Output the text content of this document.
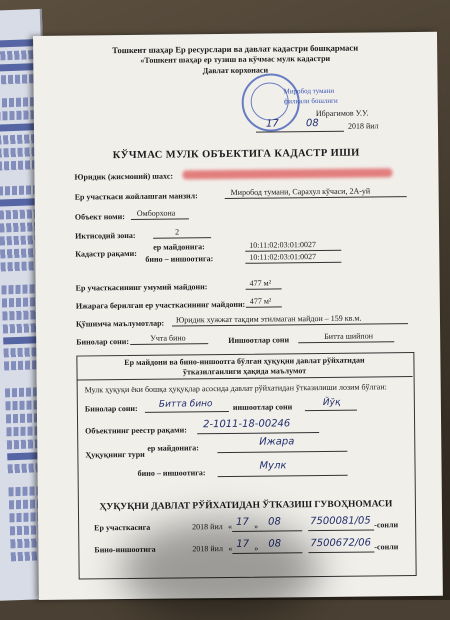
Тошкент шаҳар Ер ресурслари ва давлат кадастри бошқармаси
«Тошкент шаҳар ер тузиш ва кўчмас мулк кадастри
Давлат корхонаси
Миробод тумани
филиали бошлиги
Ибрагимов У.У.
17	08	2018 йил
КЎЧМАС МУЛК ОБЪЕКТИГА КАДАСТР ИШИ
Юридик (жисмоний) шахс:
Ер участкаси жойлашган манзил:	Миробод тумани, Сарахул кўчаси, 2А-уй
Объект номи: Омборхона
Иктисодий зона:	2
Кадастр рақами:
ер майдонига:	10:11:02:03:01:0027
бино – иншоотига:	10:11:02:03:01:0027
Ер участкасининг умумий майдони:	477 м²
Ижарага берилган ер участкасининг майдони: 477 м²
Қўшимча маълумотлар: Юридик хужжат тақдим этилмаган майдон – 159 кв.м.
Бинолар сони:	Учта бино	Иншоотлар сони	Битта шийпон
Ер майдони ва бино-иншоотга бўлган ҳуқуқни давлат рўйхатидан
ўтказилганлиги ҳақида маълумот
Мулк ҳуқуқи ёки бошқа ҳуқуқлар асосида давлат рўйхатидан ўтказилиши лозим бўлган:
Бинолар сони: Битта бино	иншоотлар сони	Йўқ
Объектнинг реестр рақами:
2-1011-18-00246
Ҳуқуқнинг тури
ер майдонига:
Ижара
бино – иншоотига:
Мулк
ҲУҚУҚНИ ДАВЛАТ РЎЙХАТИДАН ЎТКАЗИШ ГУВОҲНОМАСИ
Ер участкасига	2018 йил « 17 » 08	7500081/05 -сонли
Бино-иншоотига	2018 йил « 17 » 08	7500672/06 -сонли
